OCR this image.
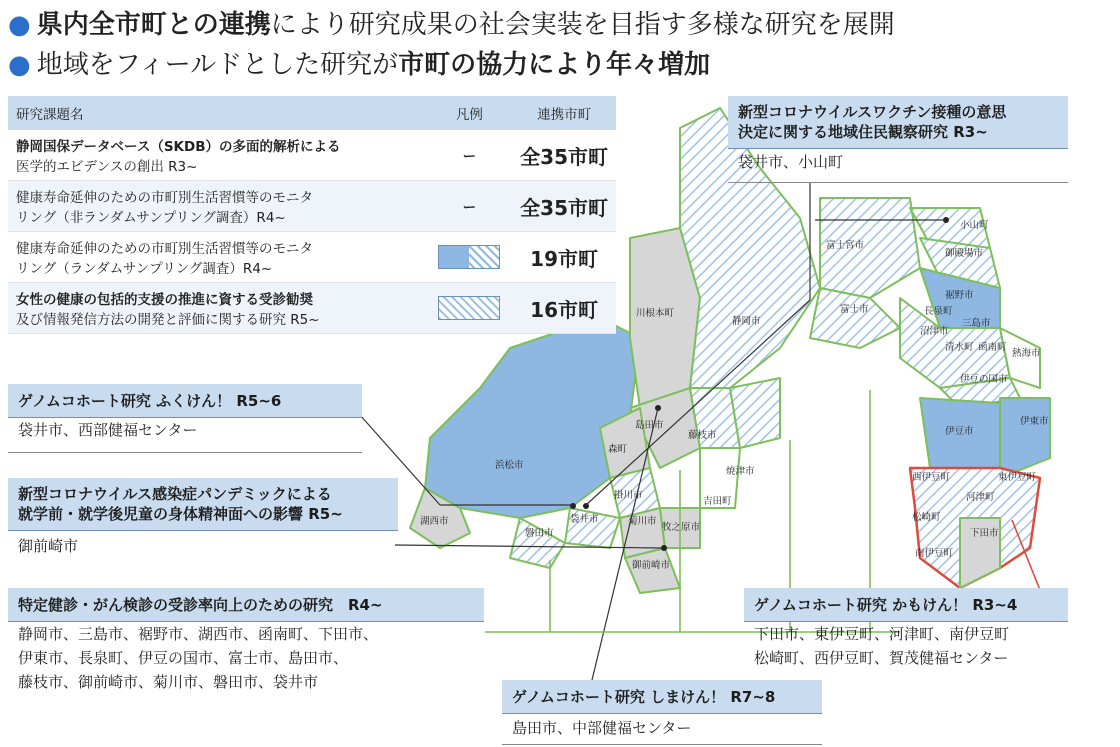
● 県内全市町との連携により研究成果の社会実装を目指す多様な研究を展開
● 地域をフィールドとした研究が市町の協力により年々増加
川根本町
静岡市
富士宮市
小山町
御殿場市
富士市
裾野市
長泉町
沼津市
三島市
清水町 函南町
熱海市
伊豆の国市
伊豆市
伊東市
島田市
藤枝市
森町
浜松市
焼津市
吉田町
掛川市
袋井市
湖西市
磐田市
菊川市
牧之原市
御前崎市
西伊豆町
河津町
東伊豆町
松崎町
下田市
南伊豆町
研究課題名	凡例	連携市町

静岡国保データベース（SKDB）の多面的解析による
医学的エビデンスの創出 R3~	ー	全35市町

健康寿命延伸のための市町別生活習慣等のモニタ
リング（非ランダムサンプリング調査）R4~	ー	全35市町

健康寿命延伸のための市町別生活習慣等のモニタ
リング（ランダムサンプリング調査）R4~		19市町

女性の健康の包括的支援の推進に資する受診勧奨
及び情報発信方法の開発と評価に関する研究 R5~		16市町
ゲノムコホート研究 ふくけん！ R5~6
袋井市、西部健福センター
新型コロナウイルス感染症パンデミックによる
就学前・就学後児童の身体精神面への影響 R5~
御前崎市
特定健診・がん検診の受診率向上のための研究　R4~
静岡市、三島市、裾野市、湖西市、函南町、下田市、
伊東市、長泉町、伊豆の国市、富士市、島田市、
藤枝市、御前崎市、菊川市、磐田市、袋井市
新型コロナウイルスワクチン接種の意思
決定に関する地域住民観察研究 R3~
袋井市、小山町
ゲノムコホート研究 かもけん！ R3~4
下田市、東伊豆町、河津町、南伊豆町
松崎町、西伊豆町、賀茂健福センター
ゲノムコホート研究 しまけん！ R7~8
島田市、中部健福センター
